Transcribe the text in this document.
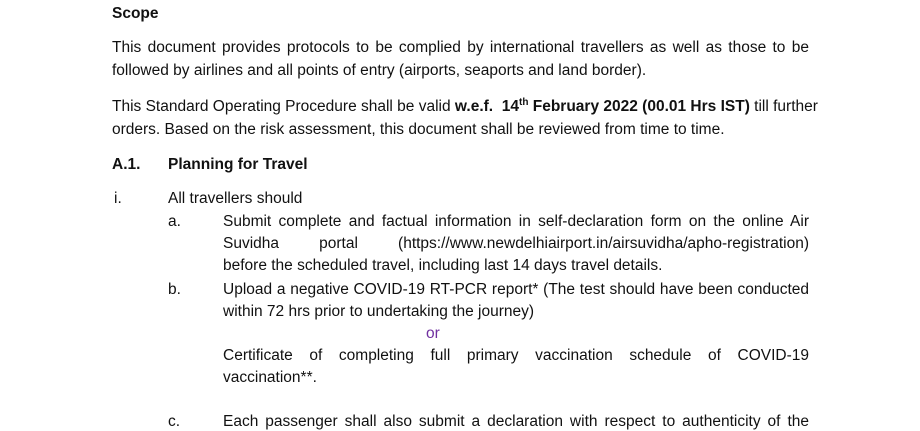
Scope
This document provides protocols to be complied by international travellers as well as those to be
followed by airlines and all points of entry (airports, seaports and land border).
This Standard Operating Procedure shall be valid w.e.f. 14th February 2022 (00.01 Hrs IST) till further
orders. Based on the risk assessment, this document shall be reviewed from time to time.
A.1. Planning for Travel
i.	All travellers should
a.	Submit complete and factual information in self-declaration form on the online Air
Suvidha portal (https://www.newdelhiairport.in/airsuvidha/apho-registration)
before the scheduled travel, including last 14 days travel details.
b.	Upload a negative COVID-19 RT-PCR report* (The test should have been conducted
within 72 hrs prior to undertaking the journey)
or
Certificate of completing full primary vaccination schedule of COVID-19
vaccination**.
c.	Each passenger shall also submit a declaration with respect to authenticity of the
